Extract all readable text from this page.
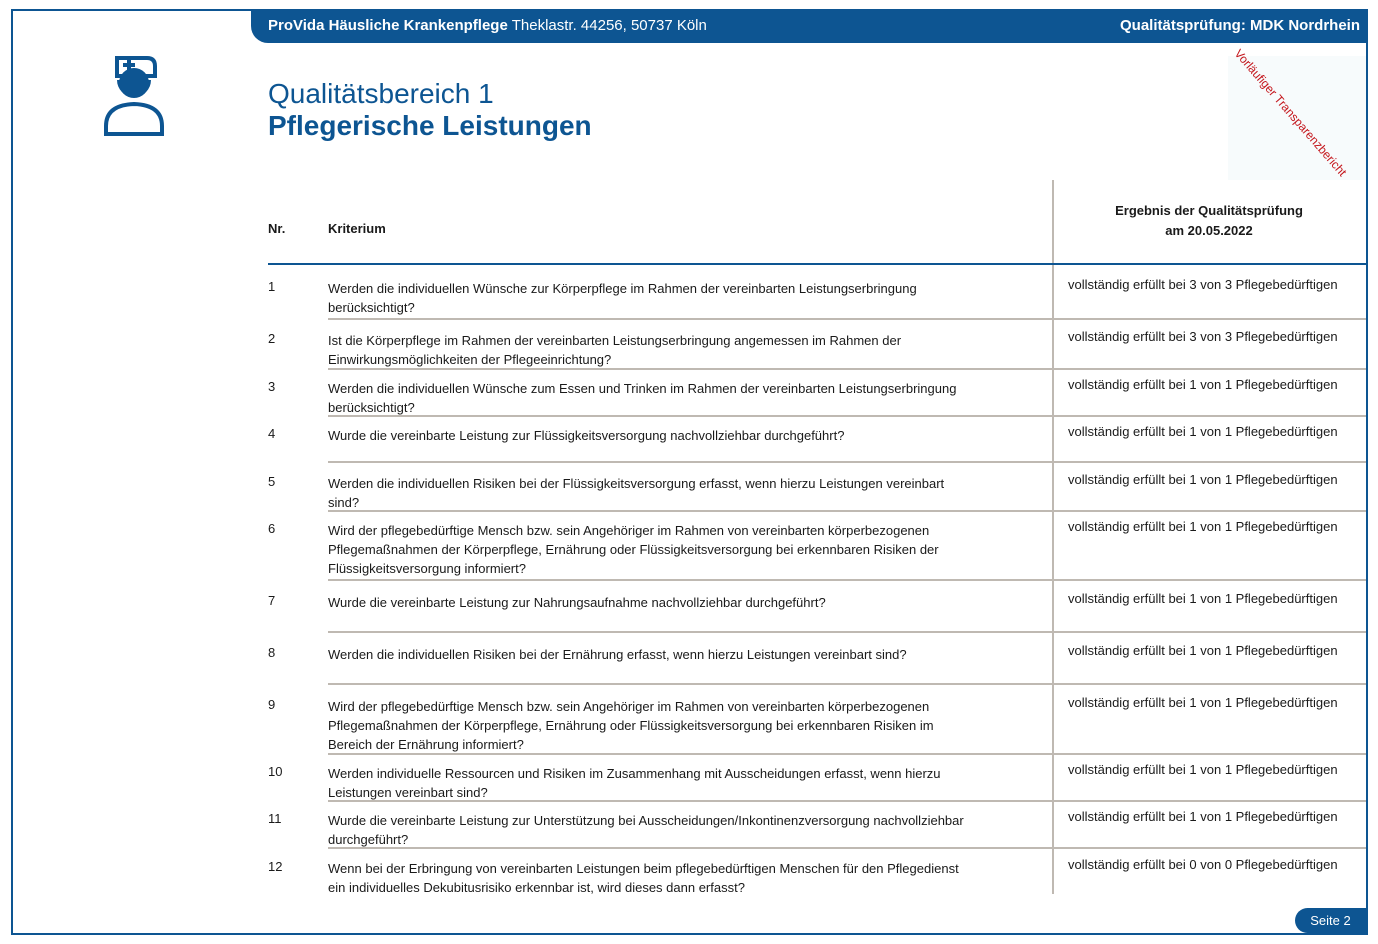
ProVida Häusliche Krankenpflege Theklastr. 44256, 50737 Köln	Qualitätsprüfung: MDK Nordrhein
Qualitätsbereich 1
Pflegerische Leistungen	Vorläufiger Transparenzbericht
Nr.	Kriterium
Ergebnis der Qualitätsprüfung
am 20.05.2022
1	Werden die individuellen Wünsche zur Körperpflege im Rahmen der vereinbarten Leistungserbringung berücksichtigt?
vollständig erfüllt bei 3 von 3 Pflegebedürftigen
2	Ist die Körperpflege im Rahmen der vereinbarten Leistungserbringung angemessen im Rahmen der Einwirkungsmöglichkeiten der Pflegeeinrichtung?
vollständig erfüllt bei 3 von 3 Pflegebedürftigen
3	Werden die individuellen Wünsche zum Essen und Trinken im Rahmen der vereinbarten Leistungserbringung berücksichtigt?
vollständig erfüllt bei 1 von 1 Pflegebedürftigen
4	Wurde die vereinbarte Leistung zur Flüssigkeitsversorgung nachvollziehbar durchgeführt?	vollständig erfüllt bei 1 von 1 Pflegebedürftigen
5	Werden die individuellen Risiken bei der Flüssigkeitsversorgung erfasst, wenn hierzu Leistungen vereinbart sind?
vollständig erfüllt bei 1 von 1 Pflegebedürftigen
6	Wird der pflegebedürftige Mensch bzw. sein Angehöriger im Rahmen von vereinbarten körperbezogenen Pflegemaßnahmen der Körperpflege, Ernährung oder Flüssigkeitsversorgung bei erkennbaren Risiken der Flüssigkeitsversorgung informiert?
vollständig erfüllt bei 1 von 1 Pflegebedürftigen
7	Wurde die vereinbarte Leistung zur Nahrungsaufnahme nachvollziehbar durchgeführt?	vollständig erfüllt bei 1 von 1 Pflegebedürftigen
8	Werden die individuellen Risiken bei der Ernährung erfasst, wenn hierzu Leistungen vereinbart sind?	vollständig erfüllt bei 1 von 1 Pflegebedürftigen
9	Wird der pflegebedürftige Mensch bzw. sein Angehöriger im Rahmen von vereinbarten körperbezogenen Pflegemaßnahmen der Körperpflege, Ernährung oder Flüssigkeitsversorgung bei erkennbaren Risiken im Bereich der Ernährung informiert?
vollständig erfüllt bei 1 von 1 Pflegebedürftigen
10	Werden individuelle Ressourcen und Risiken im Zusammenhang mit Ausscheidungen erfasst, wenn hierzu Leistungen vereinbart sind?
vollständig erfüllt bei 1 von 1 Pflegebedürftigen
11	Wurde die vereinbarte Leistung zur Unterstützung bei Ausscheidungen/Inkontinenzversorgung nachvollziehbar durchgeführt?
vollständig erfüllt bei 1 von 1 Pflegebedürftigen
12	Wenn bei der Erbringung von vereinbarten Leistungen beim pflegebedürftigen Menschen für den Pflegedienst ein individuelles Dekubitusrisiko erkennbar ist, wird dieses dann erfasst?
vollständig erfüllt bei 0 von 0 Pflegebedürftigen
Seite 2
